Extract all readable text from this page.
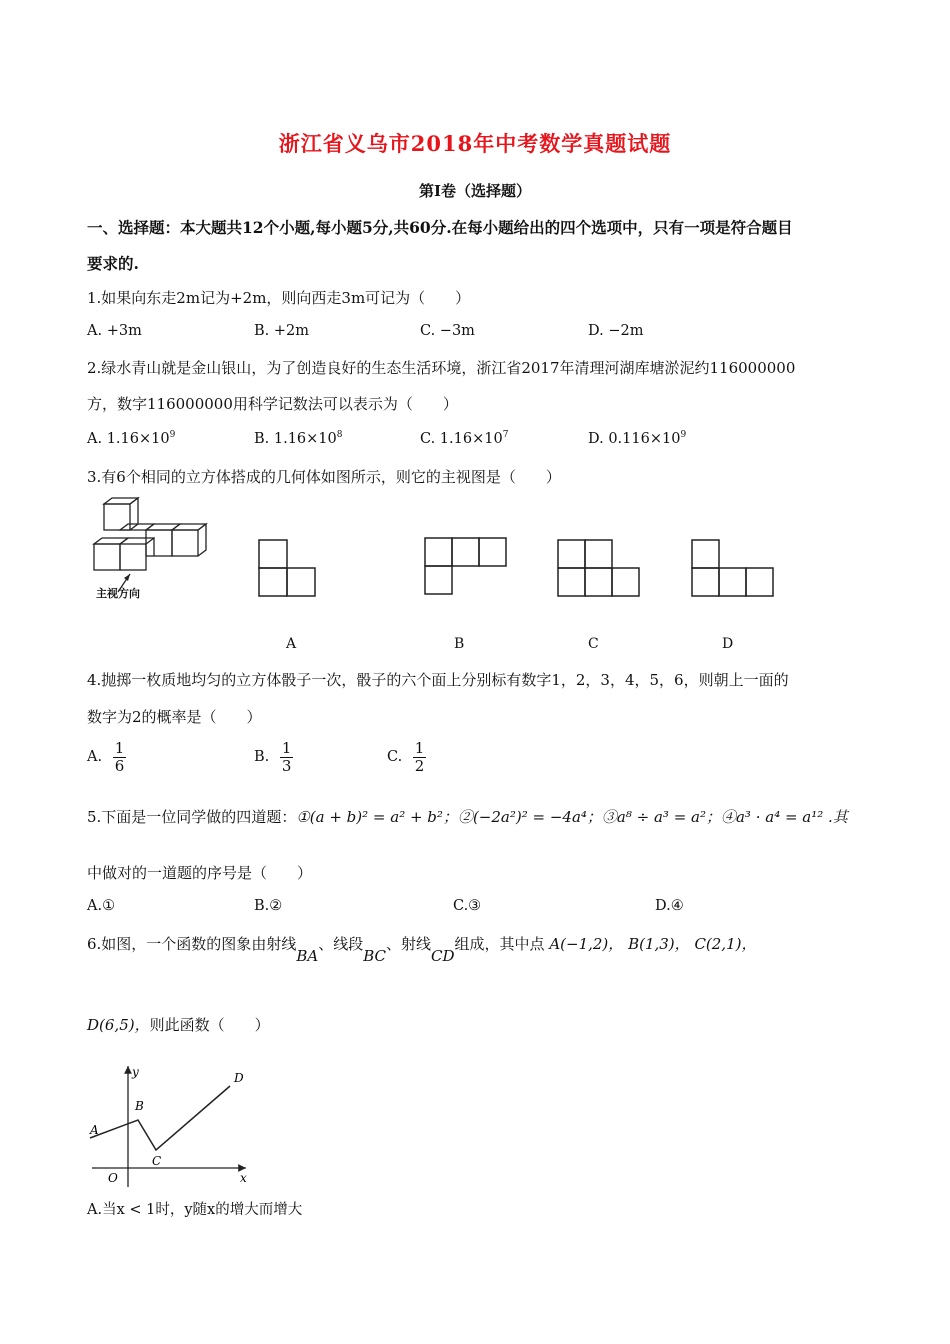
浙江省义乌市2018年中考数学真题试题
第Ⅰ卷（选择题）
一、选择题：本大题共12个小题,每小题5分,共60分.在每小题给出的四个选项中，只有一项是符合题目
要求的.
1.如果向东走2m记为+2m，则向西走3m可记为（　　）
A. +3m	B. +2m	C. −3m	D. −2m
2.绿水青山就是金山银山，为了创造良好的生态生活环境，浙江省2017年清理河湖库塘淤泥约116000000
方，数字116000000用科学记数法可以表示为（　　）
A. $1.16\times 10^9$	B. $1.16\times 10^8$	C. $1.16\times 10^7$	D. $0.116\times 10^9$
3.有6个相同的立方体搭成的几何体如图所示，则它的主视图是（　　）
主视方向
A	B	C	D
4.抛掷一枚质地均匀的立方体骰子一次，骰子的六个面上分别标有数字1，2，3，4，5，6，则朝上一面的
数字为2的概率是（　　）
A. $\frac{1}{6}$	B. $\frac{1}{3}$	C. $\frac{1}{2}$
5.下面是一位同学做的四道题：①(a + b)² = a² + b²；②(−2a²)² = −4a⁴；③a⁸ ÷ a³ = a²；④a³ · a⁴ = a¹² .其
中做对的一道题的序号是（　　）
A.①	B.②	C.③	D.④
6.如图，一个函数的图象由射线BA、线段BC、射线CD组成，其中点 A(−1,2)， B(1,3)， C(2,1)，
D(6,5)，则此函数（　　）
y
x
O
A
B
C
D
A.当x < 1时，y随x的增大而增大
